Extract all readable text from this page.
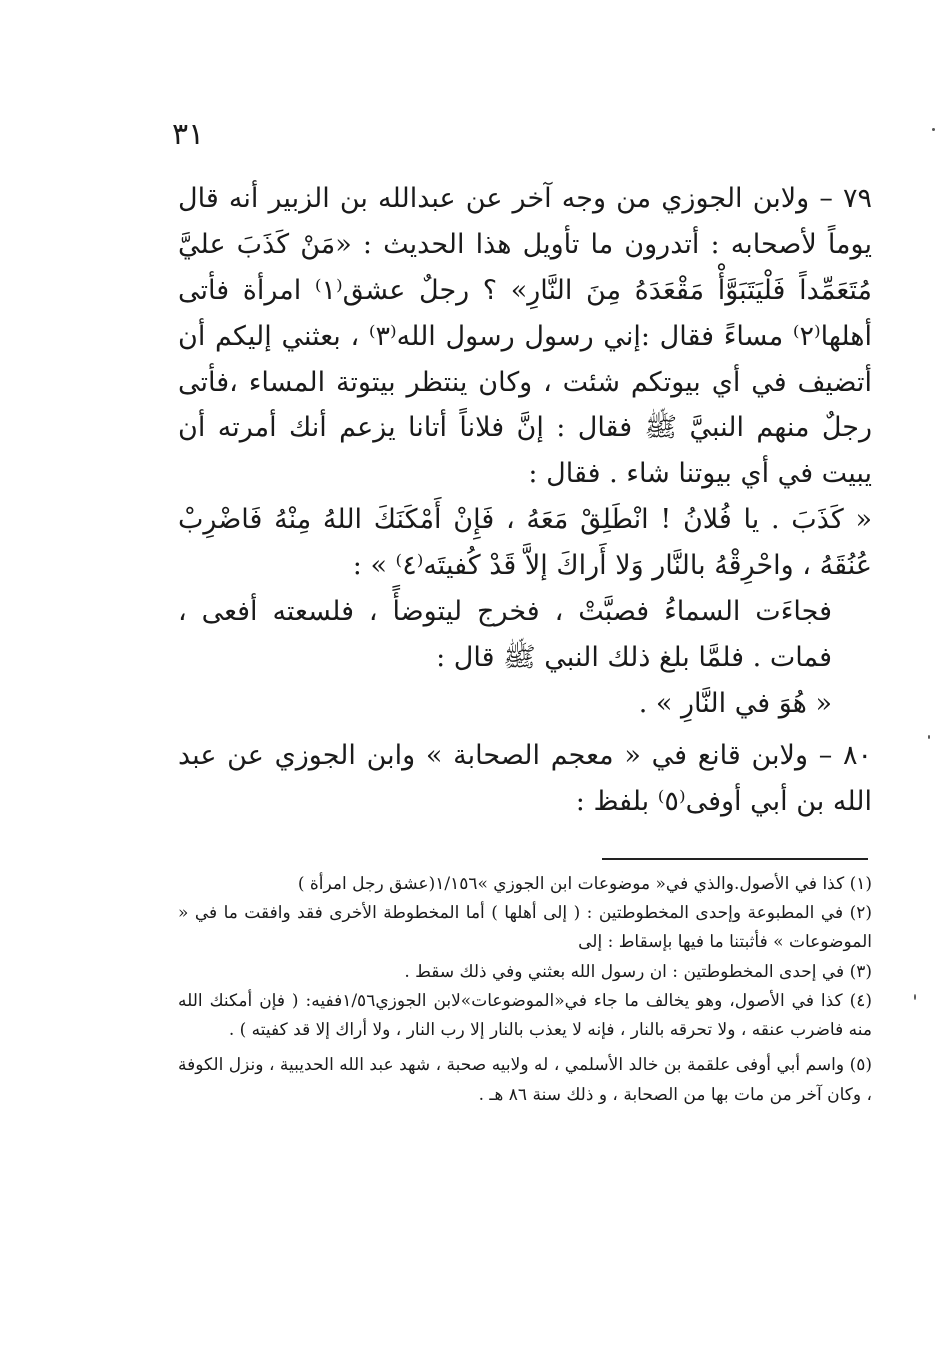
٣١

٧٩ – ولابن الجوزي من وجه آخر عن عبدالله بن الزبير أنه قال يوماً لأصحابه : أتدرون ما تأويل هذا الحديث : «مَنْ كَذَبَ عليَّ مُتَعَمِّداً فَلْيَتَبَوَّأْ مَقْعَدَهُ مِنَ النَّارِ» ؟ رجلٌ عشق⁽١⁾ امرأة فأتى أهلها⁽٢⁾ مساءً فقال :إني رسول رسول الله⁽٣⁾ ، بعثني إليكم أن أتضيف في أي بيوتكم شئت ، وكان ينتظر بيتوتة المساء ،فأتى رجلٌ منهم النبيَّ ﷺ فقال : إنَّ فلاناً أتانا يزعم أنك أمرته أن يبيت في أي بيوتنا شاء . فقال :

« كَذَبَ . يا فُلانُ ! انْطَلِقْ مَعَهُ ، فَإِنْ أَمْكَنَكَ اللهُ مِنْهُ فَاضْرِبْ عُنُقَهُ ، واحْرِقْهُ بالنَّار وَلا أَراكَ إلاَّ قَدْ كُفيتَه⁽٤⁾ » :

فجاءَت السماءُ فصبَّتْ ، فخرج ليتوضأً ، فلسعته أفعى ، فمات . فلمَّا بلغ ذلك النبي ﷺ قال :

« هُوَ في النَّارِ » .

٨٠ – ولابن قانع في « معجم الصحابة » وابن الجوزي عن عبد الله بن أبي أوفى⁽٥⁾ بلفظ :

(١) كذا في الأصول.والذي في« موضوعات ابن الجوزي »١/١٥٦(عشق رجل امرأة )

(٢) في المطبوعة وإحدى المخطوطتين : ( إلى أهلها ) أما المخطوطة الأخرى فقد وافقت ما في « الموضوعات » فأثبتنا ما فيها بإسقاط : إلى

(٣) في إحدى المخطوطتين : ان رسول الله بعثني وفي ذلك سقط .

(٤) كذا في الأصول، وهو يخالف ما جاء في«الموضوعات»لابن الجوزي١/٥٦ففيه: ( فإن أمكنك الله منه فاضرب عنقه ، ولا تحرقه بالنار ، فإنه لا يعذب بالنار إلا رب النار ، ولا أراك إلا قد كفيته ) .

(٥) واسم أبي أوفى علقمة بن خالد الأسلمي ، له ولابيه صحبة ، شهد عبد الله الحديبية ، ونزل الكوفة ، وكان آخر من مات بها من الصحابة ، و ذلك سنة ٨٦ هـ .
